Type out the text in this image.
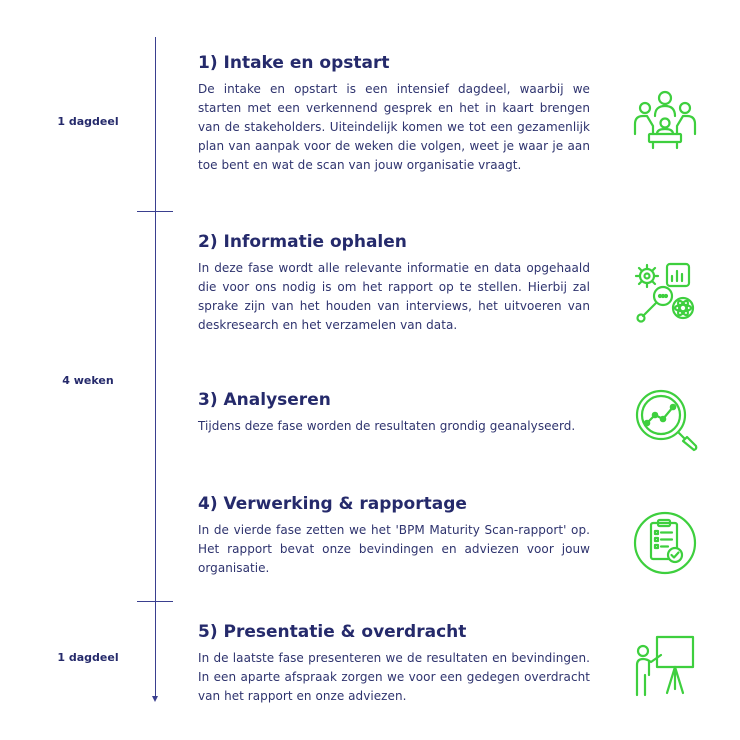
1 dagdeel
4 weken
1 dagdeel
1) Intake en opstart

De intake en opstart is een intensief dagdeel, waarbij we starten met een verkennend gesprek en het in kaart brengen van de stakeholders. Uiteindelijk komen we tot een gezamenlijk plan van aanpak voor de weken die volgen, weet je waar je aan toe bent en wat de scan van jouw organisatie vraagt.

2) Informatie ophalen

In deze fase wordt alle relevante informatie en data opgehaald die voor ons nodig is om het rapport op te stellen. Hierbij zal sprake zijn van het houden van interviews, het uitvoeren van deskresearch en het verzamelen van data.

3) Analyseren

Tijdens deze fase worden de resultaten grondig geanalyseerd.

4) Verwerking & rapportage

In de vierde fase zetten we het 'BPM Maturity Scan-rapport' op. Het rapport bevat onze bevindingen en adviezen voor jouw organisatie.

5) Presentatie & overdracht

In de laatste fase presenteren we de resultaten en bevindingen. In een aparte afspraak zorgen we voor een gedegen overdracht van het rapport en onze adviezen.
